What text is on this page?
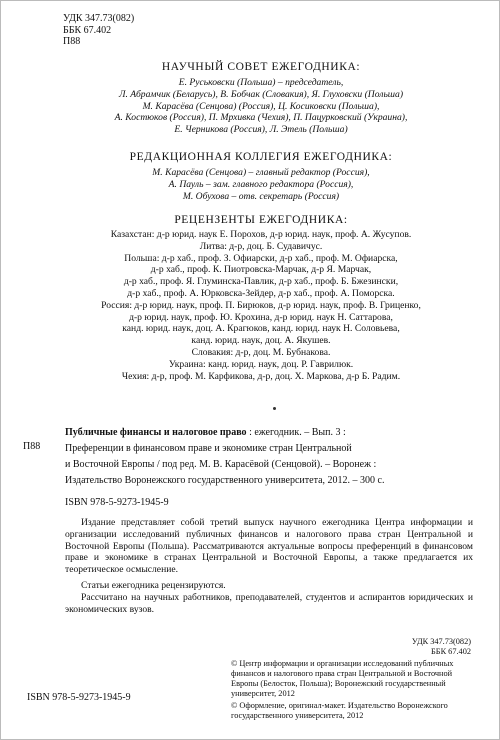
УДК 347.73(082)
ББК 67.402
П88
НАУЧНЫЙ СОВЕТ ЕЖЕГОДНИКА:
Е. Руськовски (Польша) – председатель,
Л. Абрамчик (Беларусь), В. Бобчак (Словакия), Я. Глуховски (Польша)
М. Карасёва (Сенцова) (Россия), Ц. Косиковски (Польша),
А. Костюков (Россия), П. Мрхивка (Чехия), П. Пацурковский (Украина),
Е. Черникова (Россия), Л. Этель (Польша)
РЕДАКЦИОННАЯ КОЛЛЕГИЯ ЕЖЕГОДНИКА:
М. Карасёва (Сенцова) – главный редактор (Россия),
А. Пауль – зам. главного редактора (Россия),
М. Обухова – отв. секретарь (Россия)
РЕЦЕНЗЕНТЫ ЕЖЕГОДНИКА:
Казахстан: д-р юрид. наук Е. Порохов, д-р юрид. наук, проф. А. Жусупов.
Литва: д-р, доц. Б. Судавичус.
Польша: д-р хаб., проф. З. Офиарски, д-р хаб., проф. М. Офиарска,
д-р хаб., проф. К. Пиотровска-Марчак, д-р Я. Марчак,
д-р хаб., проф. Я. Глуминска-Павлик, д-р хаб., проф. Б. Бжезински,
д-р хаб., проф. А. Юрковска-Зейдер, д-р хаб., проф. А. Поморска.
Россия: д-р юрид. наук, проф. П. Бирюков, д-р юрид. наук, проф. В. Гриценко,
д-р юрид. наук, проф. Ю. Крохина, д-р юрид. наук Н. Саттарова,
канд. юрид. наук, доц. А. Крагюков, канд. юрид. наук Н. Соловьева,
канд. юрид. наук, доц. А. Якушев.
Словакия: д-р, доц. М. Бубнакова.
Украина: канд. юрид. наук, доц. Р. Гаврилюк.
Чехия: д-р, проф. М. Карфикова, д-р, доц. Х. Маркова, д-р Б. Радим.
П88
Публичные финансы и налоговое право : ежегодник. – Вып. 3 :
Преференции в финансовом праве и экономике стран Центральной
и Восточной Европы / под ред. М. В. Карасёвой (Сенцовой). – Воронеж :
Издательство Воронежского государственного университета, 2012. – 300 с.
ISBN 978-5-9273-1945-9

Издание представляет собой третий выпуск научного ежегодника Центра информации и организации исследований публичных финансов и налогового права стран Центральной и Восточной Европы (Польша). Рассматриваются актуальные вопросы преференций в финансовом праве и экономике в странах Центральной и Восточной Европы, а также предлагается их теоретическое осмысление.

Статьи ежегодника рецензируются.

Рассчитано на научных работников, преподавателей, студентов и аспирантов юридических и экономических вузов.

УДК 347.73(082)
ББК 67.402
ISBN 978-5-9273-1945-9

© Центр информации и организации исследований публичных финансов и налогового права стран Центральной и Восточной Европы (Белосток, Польша); Воронежский государственный университет, 2012

© Оформление, оригинал-макет. Издательство Воронежского государственного университета, 2012
